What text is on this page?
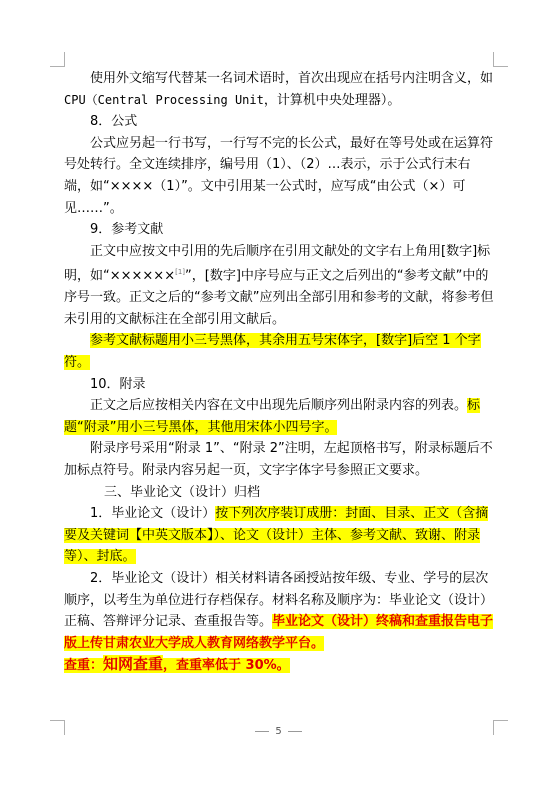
使用外文缩写代替某一名词术语时，首次出现应在括号内注明含义，如CPU（Central Processing Unit，计算机中央处理器）。

8．公式

公式应另起一行书写，一行写不完的长公式，最好在等号处或在运算符号处转行。全文连续排序，编号用（1）、（2）…表示，示于公式行末右端，如“××××（1）”。文中引用某一公式时，应写成“由公式（×）可见……”。

9．参考文献

正文中应按文中引用的先后顺序在引用文献处的文字右上角用[数字]标明，如“××××××[1]”，[数字]中序号应与正文之后列出的“参考文献”中的序号一致。正文之后的“参考文献”应列出全部引用和参考的文献，将参考但未引用的文献标注在全部引用文献后。

参考文献标题用小三号黑体，其余用五号宋体字，[数字]后空 1 个字符。

10．附录

正文之后应按相关内容在文中出现先后顺序列出附录内容的列表。标题“附录”用小三号黑体，其他用宋体小四号字。

附录序号采用“附录 1”、“附录 2”注明，左起顶格书写，附录标题后不加标点符号。附录内容另起一页，文字字体字号参照正文要求。

三、毕业论文（设计）归档

1．毕业论文（设计）按下列次序装订成册：封面、目录、正文（含摘要及关键词【中英文版本】）、论文（设计）主体、参考文献、致谢、附录等）、封底。

2．毕业论文（设计）相关材料请各函授站按年级、专业、学号的层次顺序，以考生为单位进行存档保存。材料名称及顺序为：毕业论文（设计）正稿、答辩评分记录、查重报告等。毕业论文（设计）终稿和查重报告电子版上传甘肃农业大学成人教育网络教学平台。

查重：知网查重，查重率低于 30%。

5
